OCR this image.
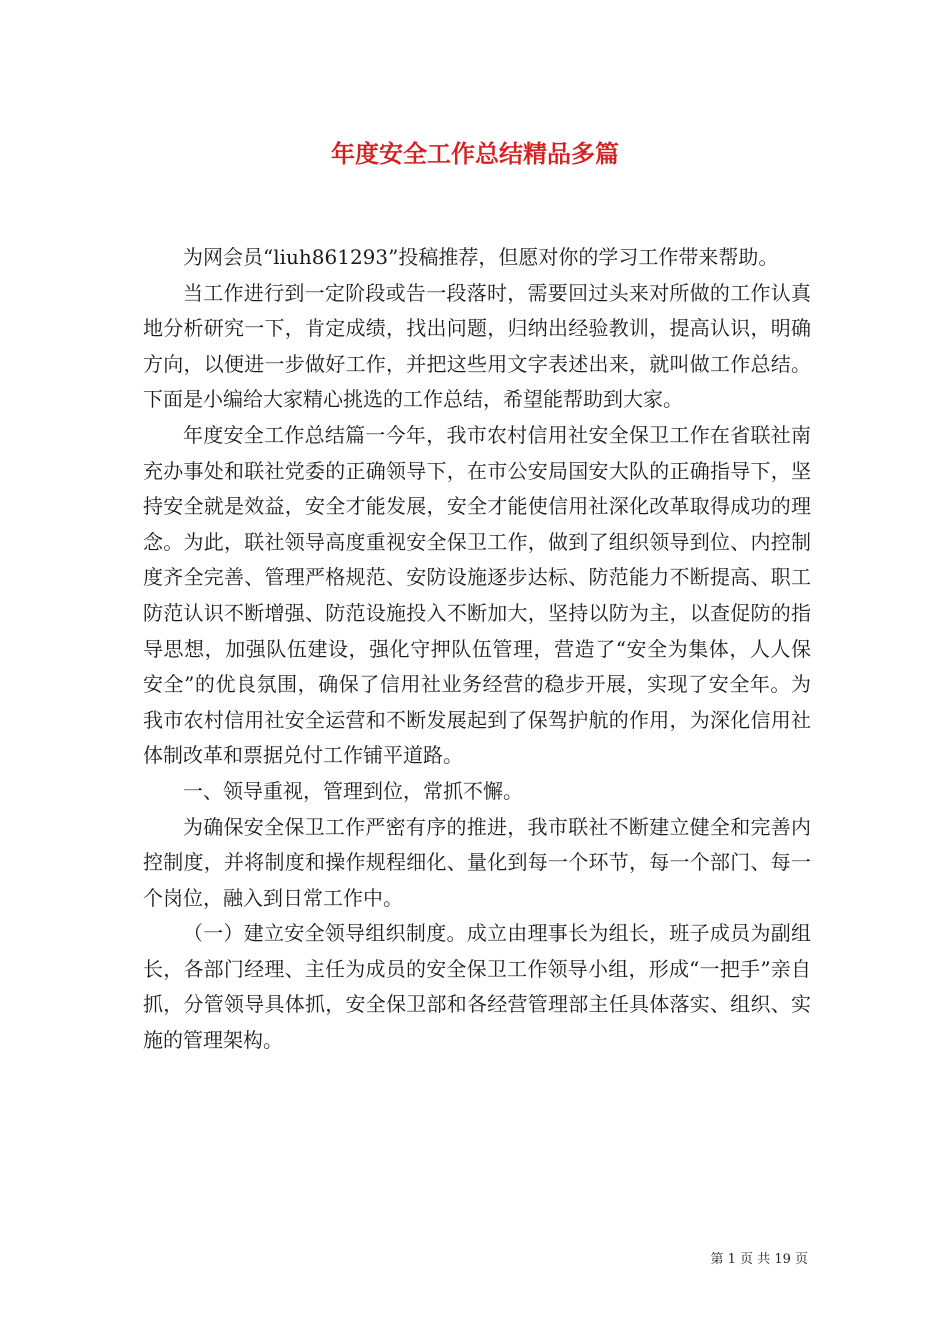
年度安全工作总结精品多篇

为网会员“liuh861293”投稿推荐，但愿对你的学习工作带来帮助。

当工作进行到一定阶段或告一段落时，需要回过头来对所做的工作认真地分析研究一下，肯定成绩，找出问题，归纳出经验教训，提高认识，明确方向，以便进一步做好工作，并把这些用文字表述出来，就叫做工作总结。下面是小编给大家精心挑选的工作总结，希望能帮助到大家。

年度安全工作总结篇一今年，我市农村信用社安全保卫工作在省联社南充办事处和联社党委的正确领导下，在市公安局国安大队的正确指导下，坚持安全就是效益，安全才能发展，安全才能使信用社深化改革取得成功的理念。为此，联社领导高度重视安全保卫工作，做到了组织领导到位、内控制度齐全完善、管理严格规范、安防设施逐步达标、防范能力不断提高、职工防范认识不断增强、防范设施投入不断加大，坚持以防为主，以查促防的指导思想，加强队伍建设，强化守押队伍管理，营造了“安全为集体，人人保安全”的优良氛围，确保了信用社业务经营的稳步开展，实现了安全年。为我市农村信用社安全运营和不断发展起到了保驾护航的作用，为深化信用社体制改革和票据兑付工作铺平道路。

一、领导重视，管理到位，常抓不懈。

为确保安全保卫工作严密有序的推进，我市联社不断建立健全和完善内控制度，并将制度和操作规程细化、量化到每一个环节，每一个部门、每一个岗位，融入到日常工作中。

（一）建立安全领导组织制度。成立由理事长为组长，班子成员为副组长，各部门经理、主任为成员的安全保卫工作领导小组，形成“一把手”亲自抓，分管领导具体抓，安全保卫部和各经营管理部主任具体落实、组织、实施的管理架构。

第 1 页 共 19 页
